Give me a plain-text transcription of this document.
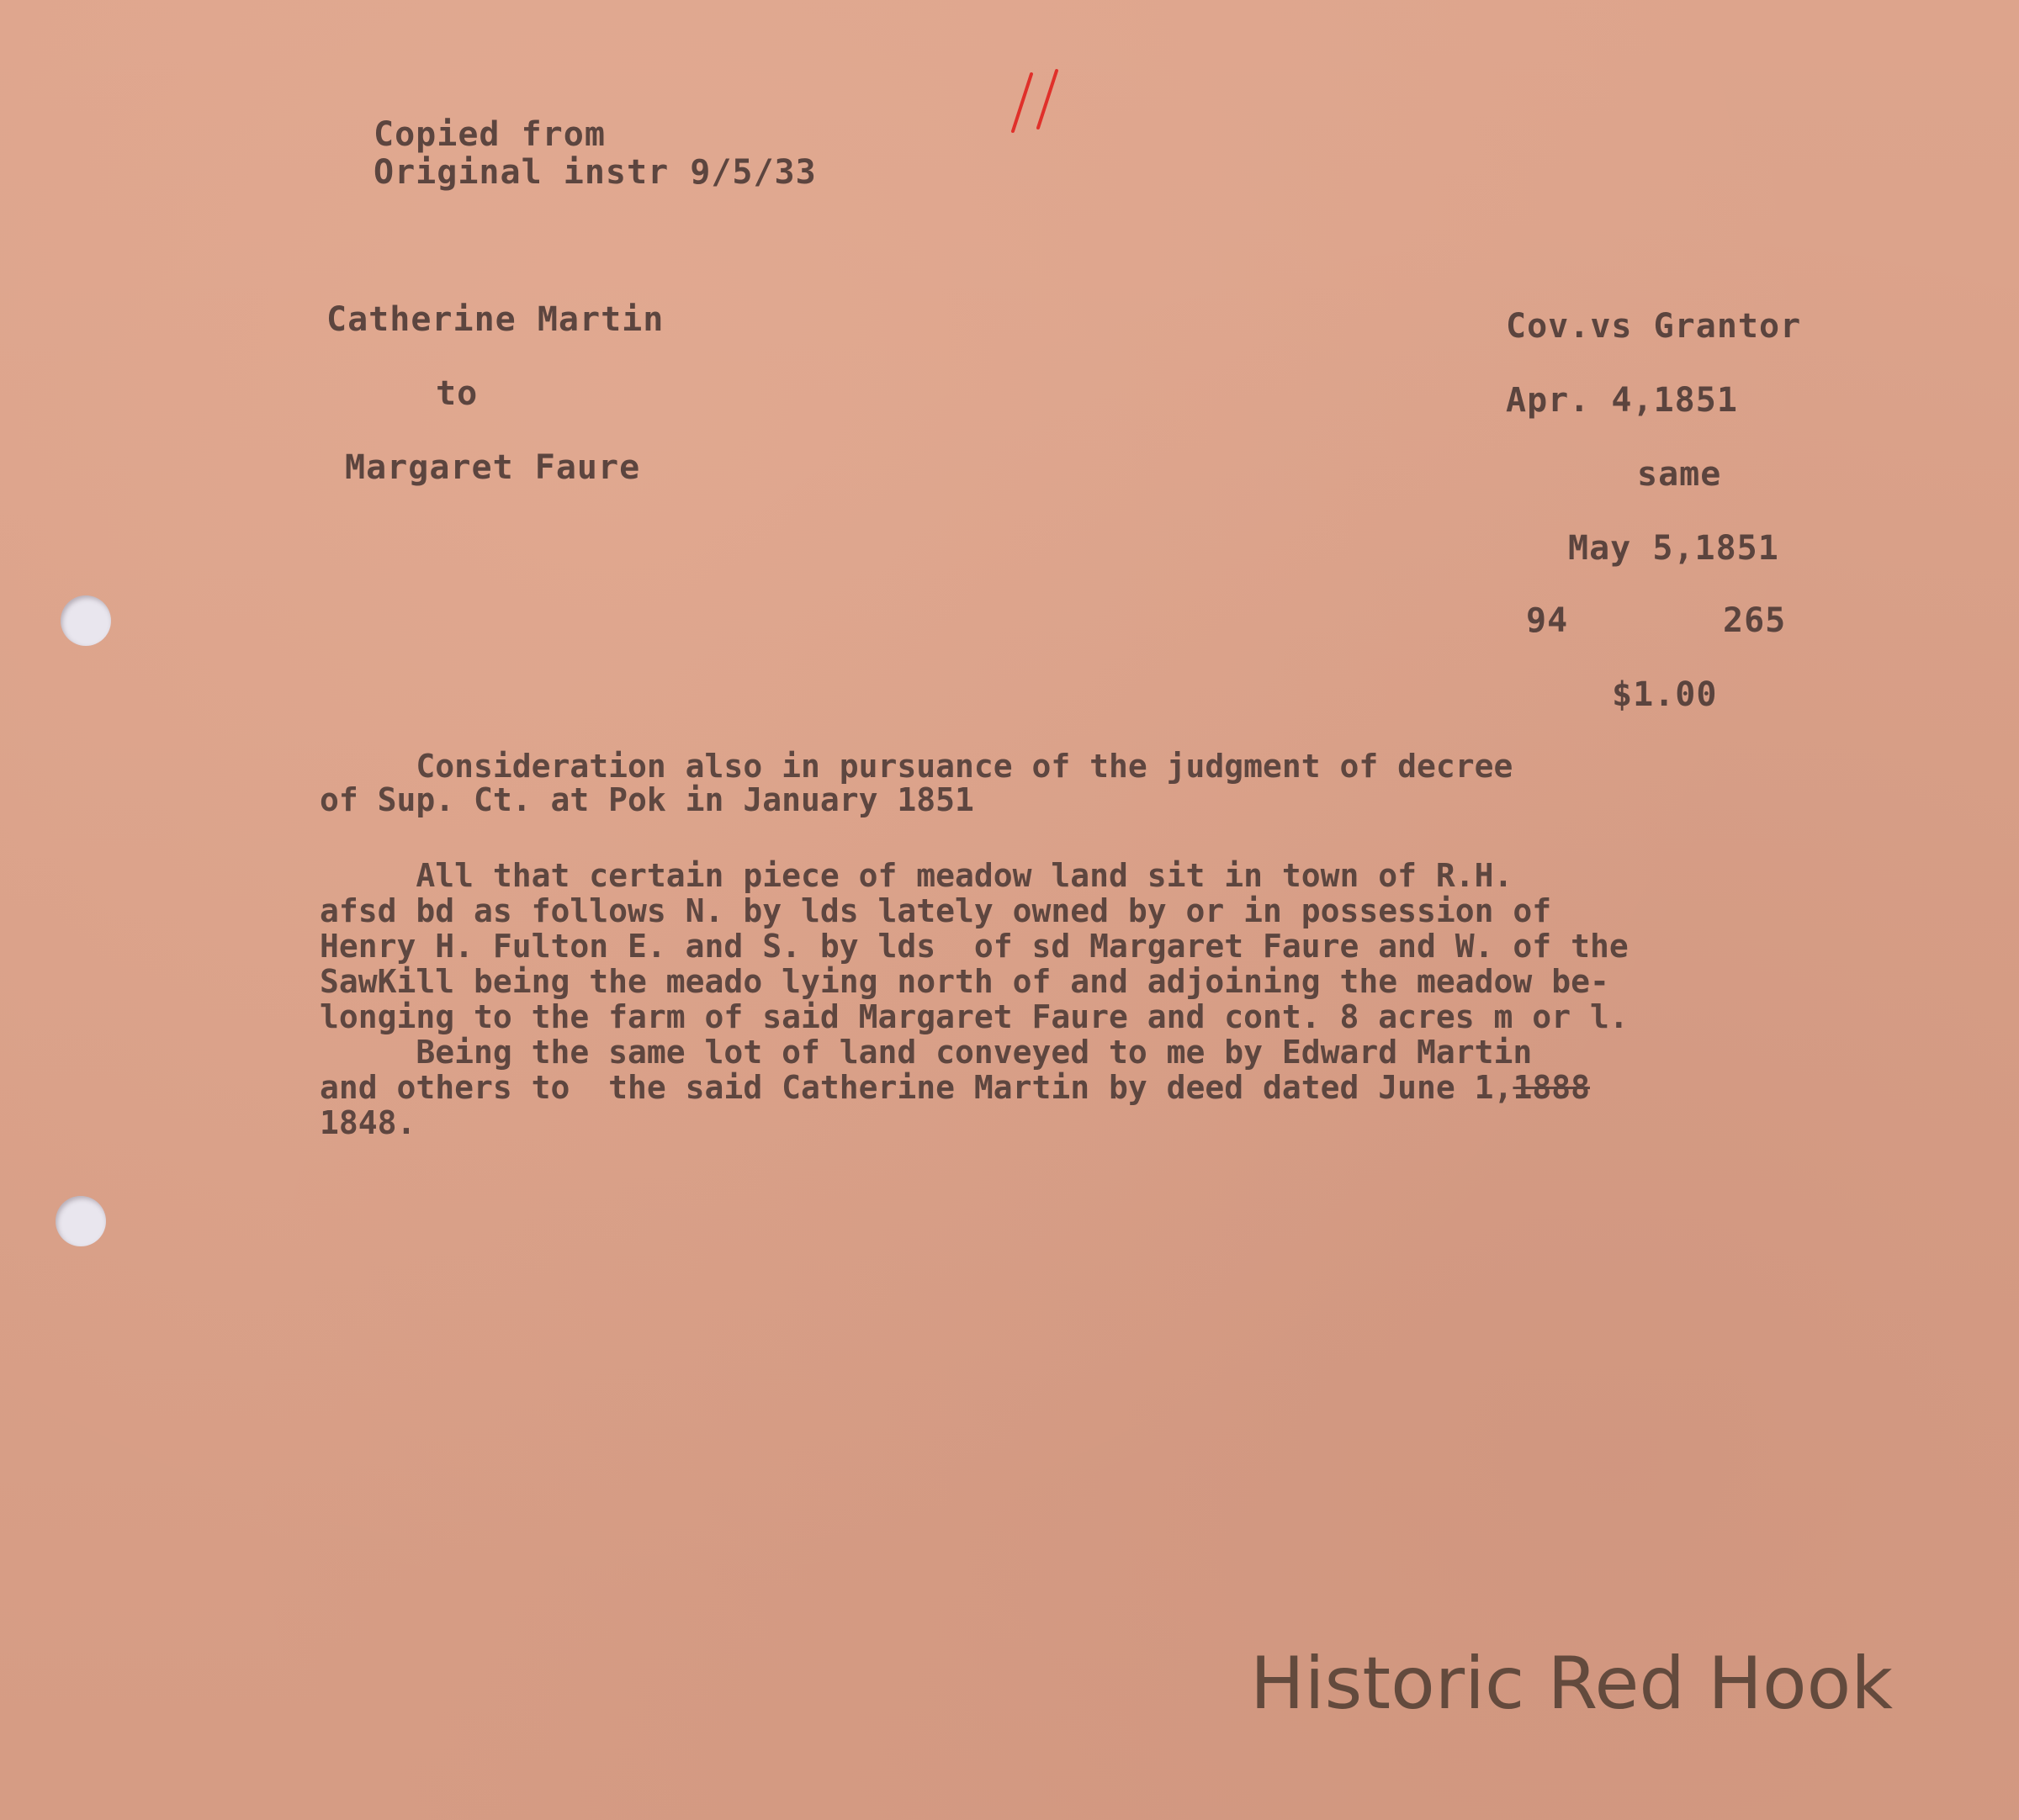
Copied from
Original instr 9/5/33
Catherine Martin
to
Margaret Faure
Cov.vs Grantor
Apr. 4,1851
same
May 5,1851
94	265
$1.00
Consideration also in pursuance of the judgment of decree
of Sup. Ct. at Pok in January 1851
All that certain piece of meadow land sit in town of R.H.
afsd bd as follows N. by lds lately owned by or in possession of
Henry H. Fulton E. and S. by lds  of sd Margaret Faure and W. of the
SawKill being the meado lying north of and adjoining the meadow be-
longing to the farm of said Margaret Faure and cont. 8 acres m or l.
Being the same lot of land conveyed to me by Edward Martin
and others to  the said Catherine Martin by deed dated June 1,1888
1848.
Historic Red Hook
